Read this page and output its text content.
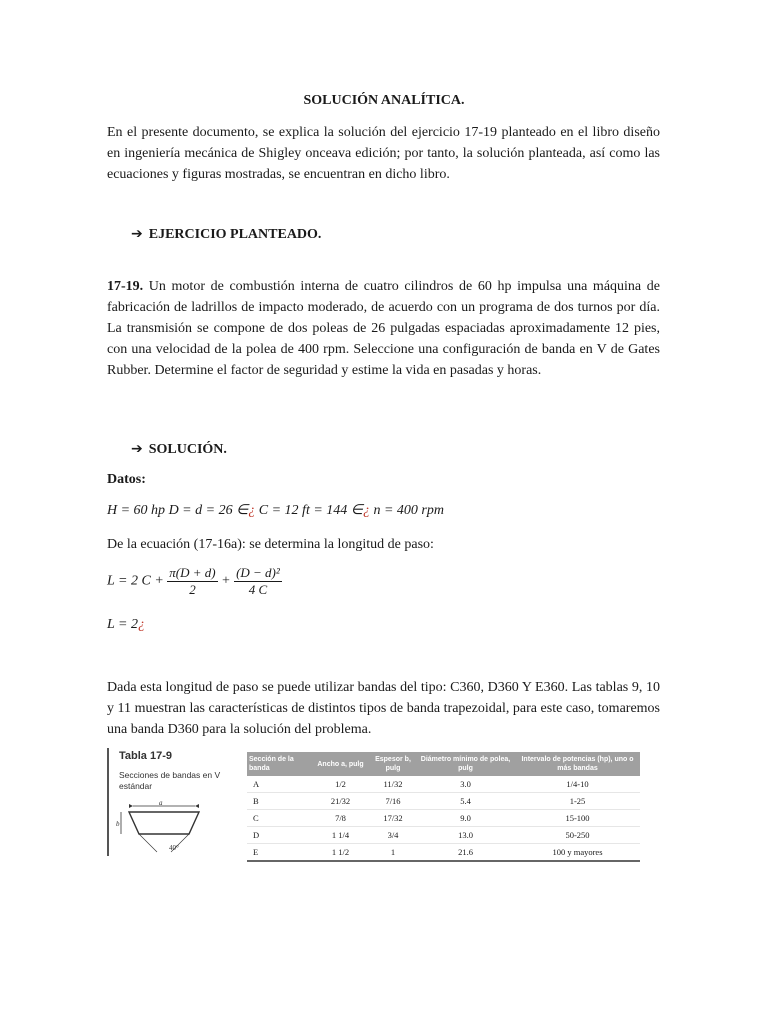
SOLUCIÓN ANALÍTICA.
En el presente documento, se explica la solución del ejercicio 17-19 planteado en el libro diseño en ingeniería mecánica de Shigley onceava edición; por tanto, la solución planteada, así como las ecuaciones y figuras mostradas, se encuentran en dicho libro.
➔ EJERCICIO PLANTEADO.
17-19. Un motor de combustión interna de cuatro cilindros de 60 hp impulsa una máquina de fabricación de ladrillos de impacto moderado, de acuerdo con un programa de dos turnos por día. La transmisión se compone de dos poleas de 26 pulgadas espaciadas aproximadamente 12 pies, con una velocidad de la polea de 400 rpm. Seleccione una configuración de banda en V de Gates Rubber. Determine el factor de seguridad y estime la vida en pasadas y horas.
➔ SOLUCIÓN.
Datos:
H = 60 hp D = d = 26 ∈¿ C = 12 ft = 144 ∈¿ n = 400 rpm
De la ecuación (17-16a): se determina la longitud de paso:
L = 2 $C + \frac{\pi(D + d)}{2} + \frac{\text{(D − d)²}}{4 C}$
L = 2¿
Dada esta longitud de paso se puede utilizar bandas del tipo: C360, D360 Y E360. Las tablas 9, 10 y 11 muestran las características de distintos tipos de banda trapezoidal, para este caso, tomaremos una banda D360 para la solución del problema.
Tabla 17-9
Secciones de bandas en V estándar
a
b
40°
Sección de la banda	Ancho a, pulg	Espesor b, pulg	Diámetro mínimo de polea, pulg	Intervalo de potencias (hp), uno o más bandas
A	1/2	11/32	3.0	1/4-10
B	21/32	7/16	5.4	1-25
C	7/8	17/32	9.0	15-100
D	1 1/4	3/4	13.0	50-250
E	1 1/2	1	21.6	100 y mayores
